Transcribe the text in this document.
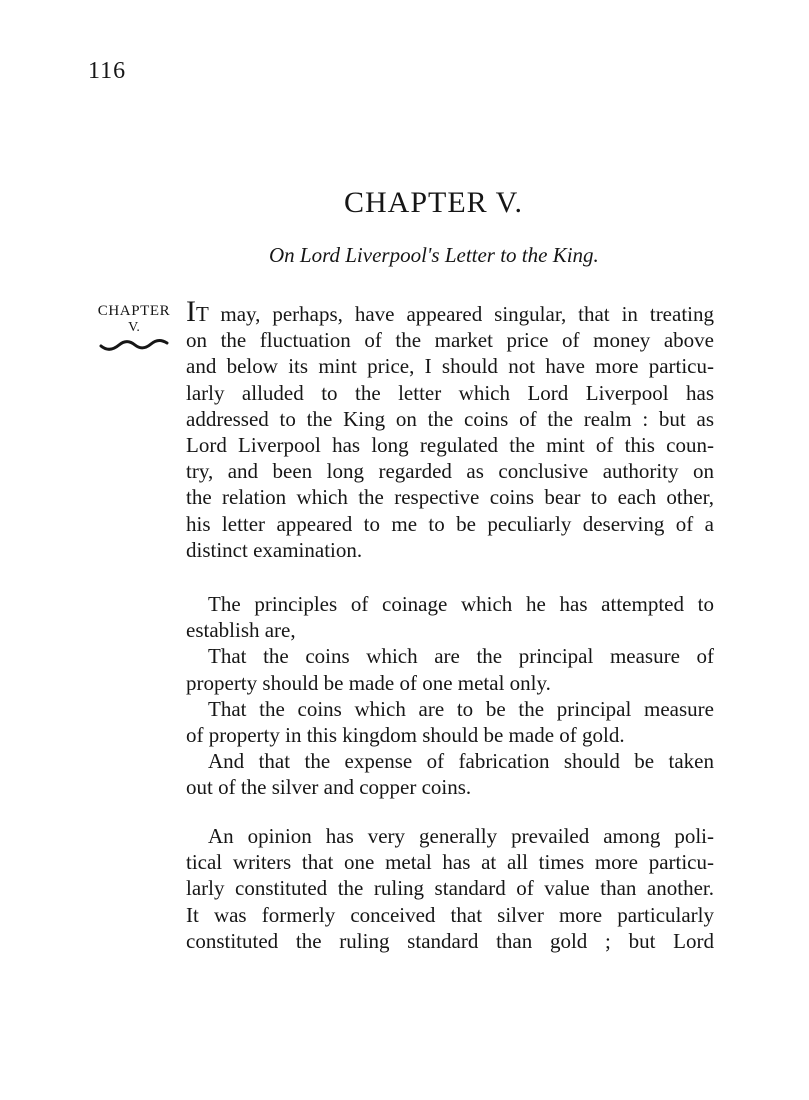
116
CHAPTER V.
On Lord Liverpool's Letter to the King.
CHAPTER
V.	IT may, perhaps, have appeared singular, that in treating
on the fluctuation of the market price of money above
and below its mint price, I should not have more particu-
larly alluded to the letter which Lord Liverpool has
addressed to the King on the coins of the realm : but as
Lord Liverpool has long regulated the mint of this coun-
try, and been long regarded as conclusive authority on
the relation which the respective coins bear to each other,
his letter appeared to me to be peculiarly deserving of a
distinct examination.
The principles of coinage which he has attempted to
establish are,
That the coins which are the principal measure of
property should be made of one metal only.
That the coins which are to be the principal measure
of property in this kingdom should be made of gold.
And that the expense of fabrication should be taken
out of the silver and copper coins.
An opinion has very generally prevailed among poli-
tical writers that one metal has at all times more particu-
larly constituted the ruling standard of value than another.
It was formerly conceived that silver more particularly
constituted the ruling standard than gold ; but Lord
